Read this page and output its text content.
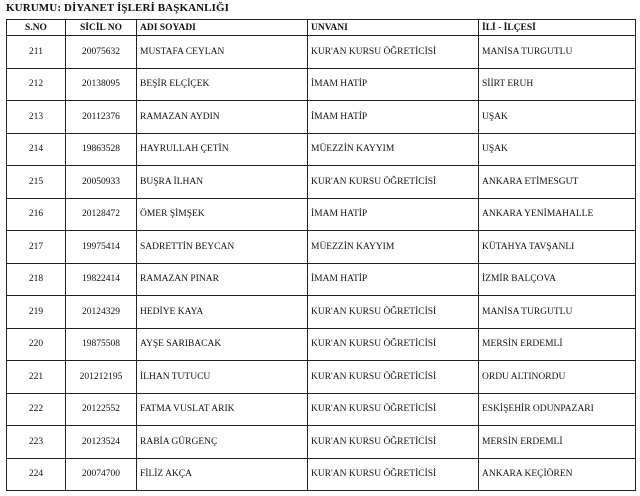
KURUMU: DİYANET İŞLERİ BAŞKANLIĞI
S.NO	SİCİL NO	ADI SOYADI	UNVANI	İLİ - İLÇESİ
211	20075632	MUSTAFA CEYLAN	KUR'AN KURSU ÖĞRETİCİSİ	MANİSA TURGUTLU
212	20138095	BEŞİR ELÇİÇEK	İMAM HATİP	SİİRT ERUH
213	20112376	RAMAZAN AYDIN	İMAM HATİP	UŞAK
214	19863528	HAYRULLAH ÇETİN	MÜEZZİN KAYYIM	UŞAK
215	20050933	BUŞRA İLHAN	KUR'AN KURSU ÖĞRETİCİSİ	ANKARA ETİMESGUT
216	20128472	ÖMER ŞİMŞEK	İMAM HATİP	ANKARA YENİMAHALLE
217	19975414	SADRETTİN BEYCAN	MÜEZZİN KAYYIM	KÜTAHYA TAVŞANLI
218	19822414	RAMAZAN PINAR	İMAM HATİP	İZMİR BALÇOVA
219	20124329	HEDİYE KAYA	KUR'AN KURSU ÖĞRETİCİSİ	MANİSA TURGUTLU
220	19875508	AYŞE SARIBACAK	KUR'AN KURSU ÖĞRETİCİSİ	MERSİN ERDEMLİ
221	201212195	İLHAN TUTUCU	KUR'AN KURSU ÖĞRETİCİSİ	ORDU ALTINORDU
222	20122552	FATMA VUSLAT ARIK	KUR'AN KURSU ÖĞRETİCİSİ	ESKİŞEHİR ODUNPAZARI
223	20123524	RABİA GÜRGENÇ	KUR'AN KURSU ÖĞRETİCİSİ	MERSİN ERDEMLİ
224	20074700	FİLİZ AKÇA	KUR'AN KURSU ÖĞRETİCİSİ	ANKARA KEÇİÖREN
